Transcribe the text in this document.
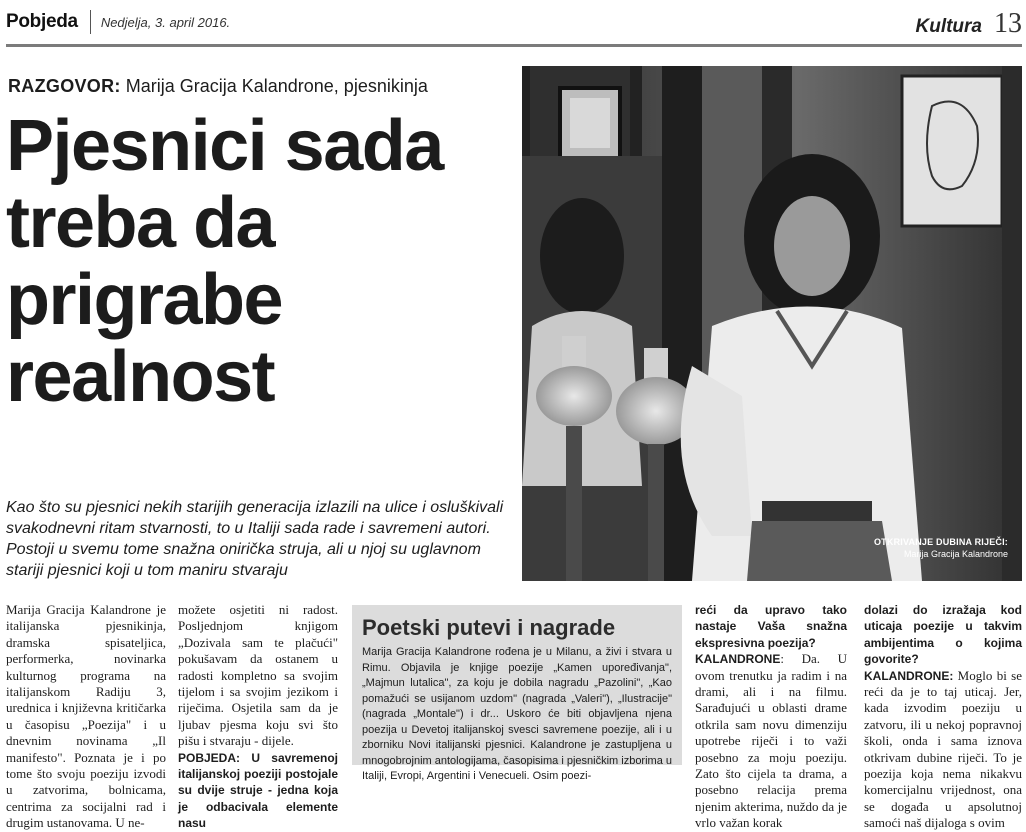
Pobjeda Nedjelja, 3. april 2016.	Kultura 13
RAZGOVOR: Marija Gracija Kalandrone, pjesnikinja
Pjesnici sada treba da prigrabe realnost

Kao što su pjesnici nekih starijih generacija izlazili na ulice i osluškivali svakodnevni ritam stvarnosti, to u Italiji sada rade i savremeni autori. Postoji u svemu tome snažna onirička struja, ali u njoj su uglavnom stariji pjesnici koji u tom maniru stvaraju

OTKRIVANJE DUBINA RIJEČI:
Marija Gracija Kalandrone
Marija Gracija Kalandrone je italijanska pjesnikinja, dramska spisateljica, performerka, novinarka kulturnog programa na italijanskom Radiju 3, urednica i književna kritičarka u časopisu „Poezija" i u dnevnim novinama „Il manifesto". Poznata je i po tome što svoju poeziju izvodi u zatvorima, bolnicama, centrima za socijalni rad i drugim ustanovama. U ne-
možete osjetiti ni radost. Posljednjom knjigom „Dozivala sam te plačući" pokušavam da ostanem u radosti kompletno sa svojim tijelom i sa svojim jezikom i riječima. Osjetila sam da je ljubav pjesma koju svi što pišu i stvaraju - dijele.
POBJEDA: U savremenoj italijanskoj poeziji postojale su dvije struje - jedna koja je odbacivala elemente nasu
Poetski putevi i nagrade

Marija Gracija Kalandrone rođena je u Milanu, a živi i stvara u Rimu. Objavila je knjige poezije „Kamen upoređivanja", „Majmun lutalica", za koju je dobila nagradu „Pazolini", „Kao pomažući se usijanom uzdom" (nagrada „Valeri"), „Ilustracije" (nagrada „Montale") i dr... Uskoro će biti objavljena njena poezija u Devetoj italijanskoj svesci savremene poezije, ali i u zborniku Novi italijanski pjesnici. Kalandrone je zastupljena u mnogobrojnim antologijama, časopisima i pjesničkim izborima u Italiji, Evropi, Argentini i Venecueli. Osim poezi-

reći da upravo tako nastaje Vaša snažna ekspresivna poezija?
KALANDRONE: Da. U ovom trenutku ja radim i na drami, ali i na filmu. Sarađujući u oblasti drame otkrila sam novu dimenziju upotrebe riječi i to važi posebno za moju poeziju. Zato što cijela ta drama, a posebno relacija prema njenim akterima, nuždo da je vrlo važan korak
dolazi do izražaja kod uticaja poezije u takvim ambijentima o kojima govorite?
KALANDRONE: Moglo bi se reći da je to taj uticaj. Jer, kada izvodim poeziju u zatvoru, ili u nekoj popravnoj školi, onda i sama iznova otkrivam dubine riječi. To je poezija koja nema nikakvu komercijalnu vrijednost, ona se događa u apsolutnoj samoći naš dijaloga s ovim
